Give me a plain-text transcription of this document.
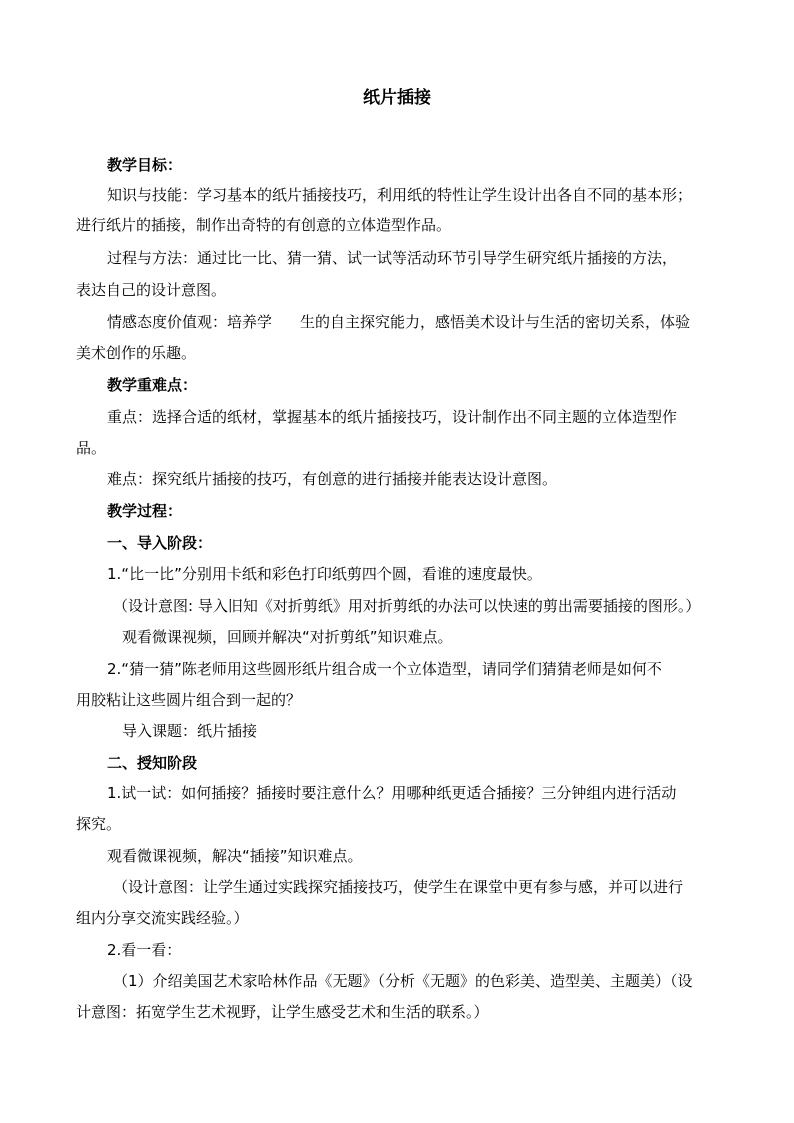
纸片插接
教学目标：
知识与技能：学习基本的纸片插接技巧，利用纸的特性让学生设计出各自不同的基本形；
进行纸片的插接，制作出奇特的有创意的立体造型作品。
过程与方法：通过比一比、猜一猜、试一试等活动环节引导学生研究纸片插接的方法，
表达自己的设计意图。
情感态度价值观：培养学 生的自主探究能力，感悟美术设计与生活的密切关系，体验
美术创作的乐趣。
教学重难点：
重点：选择合适的纸材，掌握基本的纸片插接技巧，设计制作出不同主题的立体造型作
品。
难点：探究纸片插接的技巧，有创意的进行插接并能表达设计意图。
教学过程：
一、导入阶段：
1.“比一比”分别用卡纸和彩色打印纸剪四个圆，看谁的速度最快。
（设计意图: 导入旧知《对折剪纸》用对折剪纸的办法可以快速的剪出需要插接的图形。）
观看微课视频，回顾并解决“对折剪纸”知识难点。
2.“猜一猜”陈老师用这些圆形纸片组合成一个立体造型，请同学们猜猜老师是如何不
用胶粘让这些圆片组合到一起的？
导入课题：纸片插接
二、授知阶段
1.试一试：如何插接？插接时要注意什么？用哪种纸更适合插接？三分钟组内进行活动
探究。
观看微课视频，解决“插接”知识难点。
（设计意图：让学生通过实践探究插接技巧，使学生在课堂中更有参与感，并可以进行
组内分享交流实践经验。）
2.看一看：
（1）介绍美国艺术家哈林作品《无题》（分析《无题》的色彩美、造型美、主题美）（设
计意图：拓宽学生艺术视野，让学生感受艺术和生活的联系。）
